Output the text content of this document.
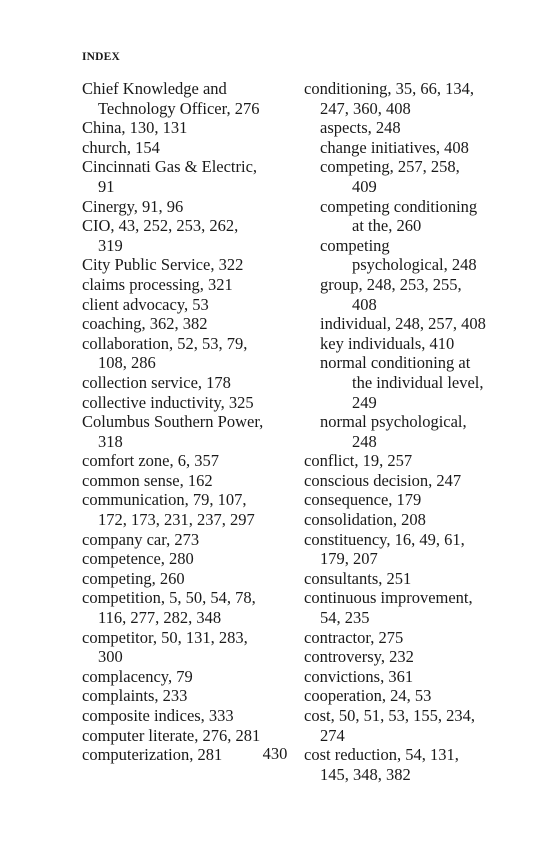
INDEX
Chief Knowledge and
Technology Officer, 276
China, 130, 131
church, 154
Cincinnati Gas & Electric,
91
Cinergy, 91, 96
CIO, 43, 252, 253, 262,
319
City Public Service, 322
claims processing, 321
client advocacy, 53
coaching, 362, 382
collaboration, 52, 53, 79,
108, 286
collection service, 178
collective inductivity, 325
Columbus Southern Power,
318
comfort zone, 6, 357
common sense, 162
communication, 79, 107,
172, 173, 231, 237, 297
company car, 273
competence, 280
competing, 260
competition, 5, 50, 54, 78,
116, 277, 282, 348
competitor, 50, 131, 283,
300
complacency, 79
complaints, 233
composite indices, 333
computer literate, 276, 281
computerization, 281
conditioning, 35, 66, 134,
247, 360, 408
aspects, 248
change initiatives, 408
competing, 257, 258,
409
competing conditioning
at the, 260
competing
psychological, 248
group, 248, 253, 255,
408
individual, 248, 257, 408
key individuals, 410
normal conditioning at
the individual level,
249
normal psychological,
248
conflict, 19, 257
conscious decision, 247
consequence, 179
consolidation, 208
constituency, 16, 49, 61,
179, 207
consultants, 251
continuous improvement,
54, 235
contractor, 275
controversy, 232
convictions, 361
cooperation, 24, 53
cost, 50, 51, 53, 155, 234,
274
cost reduction, 54, 131,
145, 348, 382
430
